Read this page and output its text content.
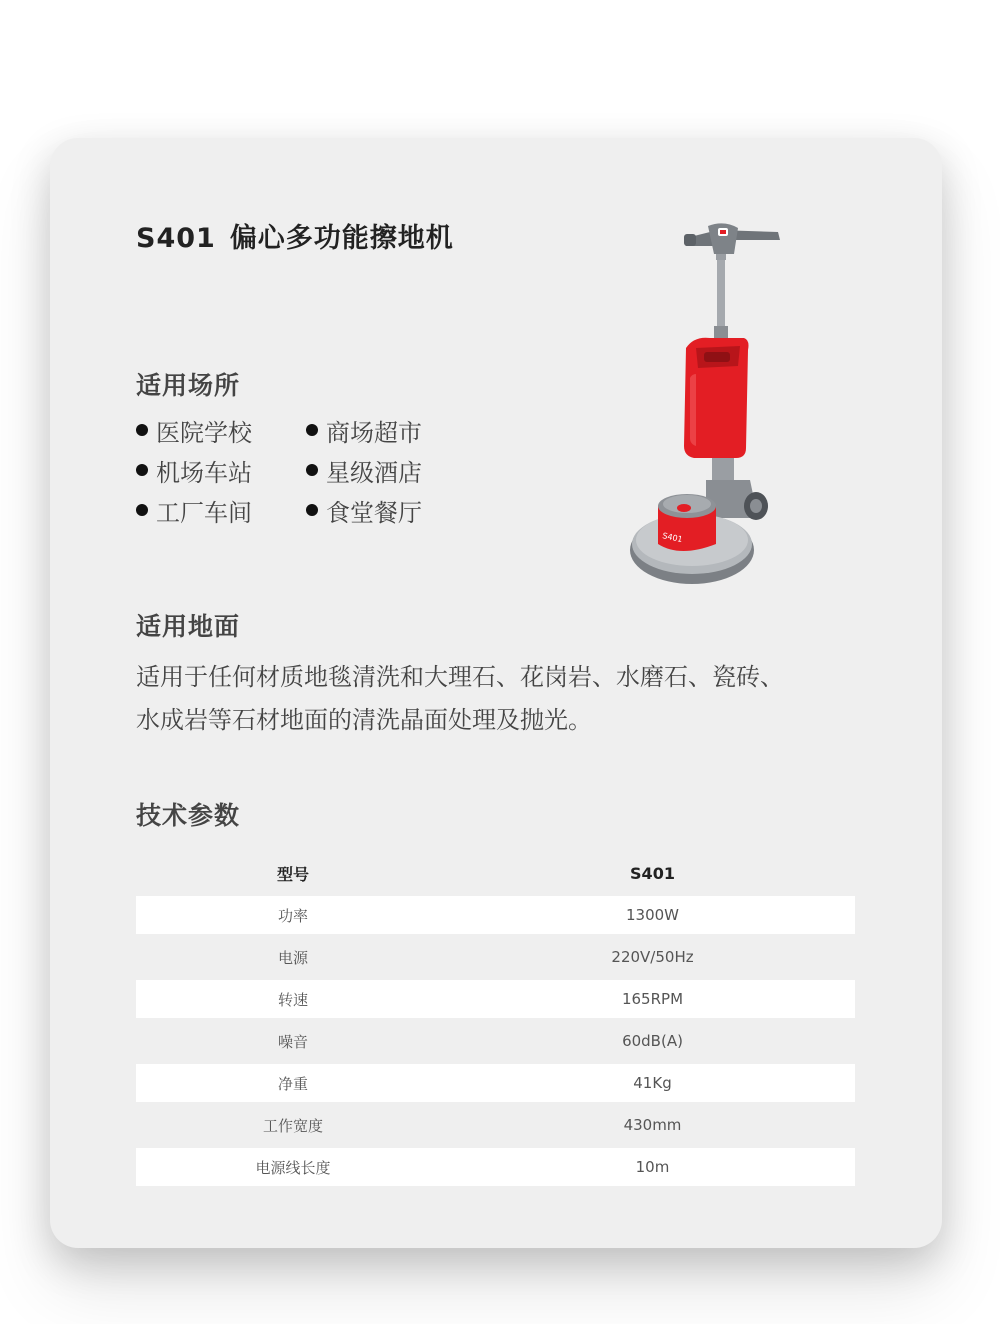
S401 偏心多功能擦地机
S401
适用场所
医院学校	商场超市
机场车站	星级酒店
工厂车间	食堂餐厅
适用地面
适用于任何材质地毯清洗和大理石、花岗岩、水磨石、瓷砖、
水成岩等石材地面的清洗晶面处理及抛光。
技术参数
型号	S401
功率	1300W
电源	220V/50Hz
转速	165RPM
噪音	60dB(A)
净重	41Kg
工作宽度	430mm
电源线长度	10m
